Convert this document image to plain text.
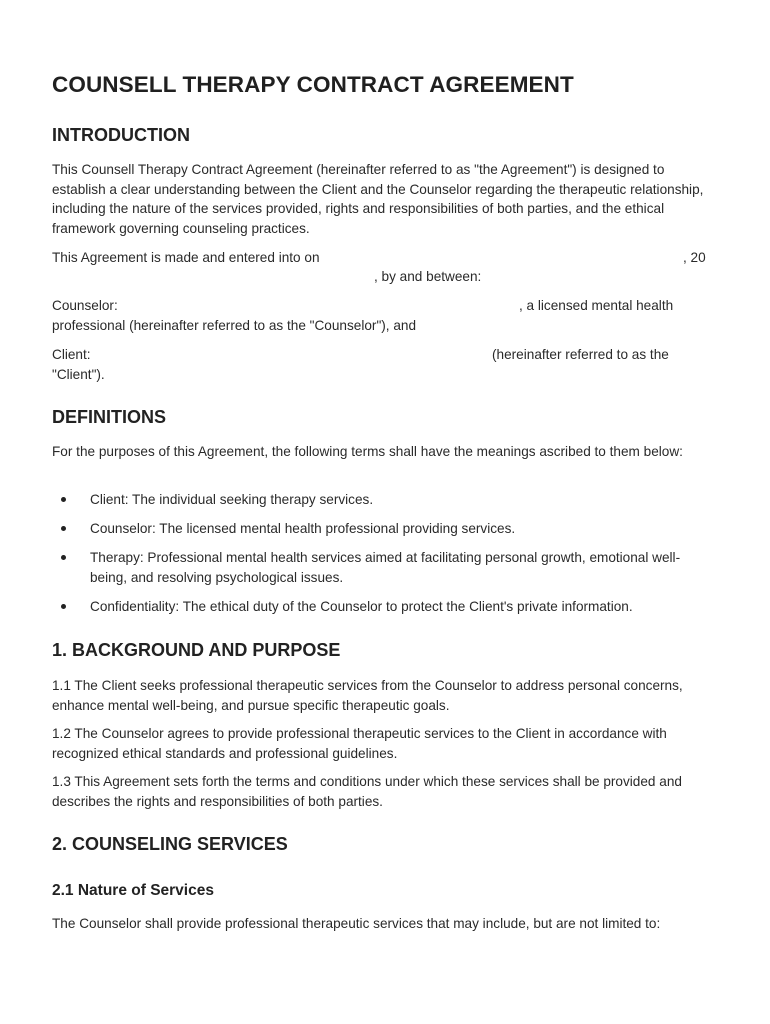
COUNSELL THERAPY CONTRACT AGREEMENT
INTRODUCTION
This Counsell Therapy Contract Agreement (hereinafter referred to as "the Agreement") is designed to establish a clear understanding between the Client and the Counselor regarding the therapeutic relationship, including the nature of the services provided, rights and responsibilities of both parties, and the ethical framework governing counseling practices.
This Agreement is made and entered into on	, 20
, by and between:
Counselor:	, a licensed mental health
professional (hereinafter referred to as the "Counselor"), and
Client:	(hereinafter referred to as the
"Client").
DEFINITIONS
For the purposes of this Agreement, the following terms shall have the meanings ascribed to them below:
Client: The individual seeking therapy services.
Counselor: The licensed mental health professional providing services.
Therapy: Professional mental health services aimed at facilitating personal growth, emotional well-being, and resolving psychological issues.
Confidentiality: The ethical duty of the Counselor to protect the Client's private information.
1. BACKGROUND AND PURPOSE
1.1 The Client seeks professional therapeutic services from the Counselor to address personal concerns, enhance mental well-being, and pursue specific therapeutic goals.
1.2 The Counselor agrees to provide professional therapeutic services to the Client in accordance with recognized ethical standards and professional guidelines.
1.3 This Agreement sets forth the terms and conditions under which these services shall be provided and describes the rights and responsibilities of both parties.
2. COUNSELING SERVICES
2.1 Nature of Services
The Counselor shall provide professional therapeutic services that may include, but are not limited to:
